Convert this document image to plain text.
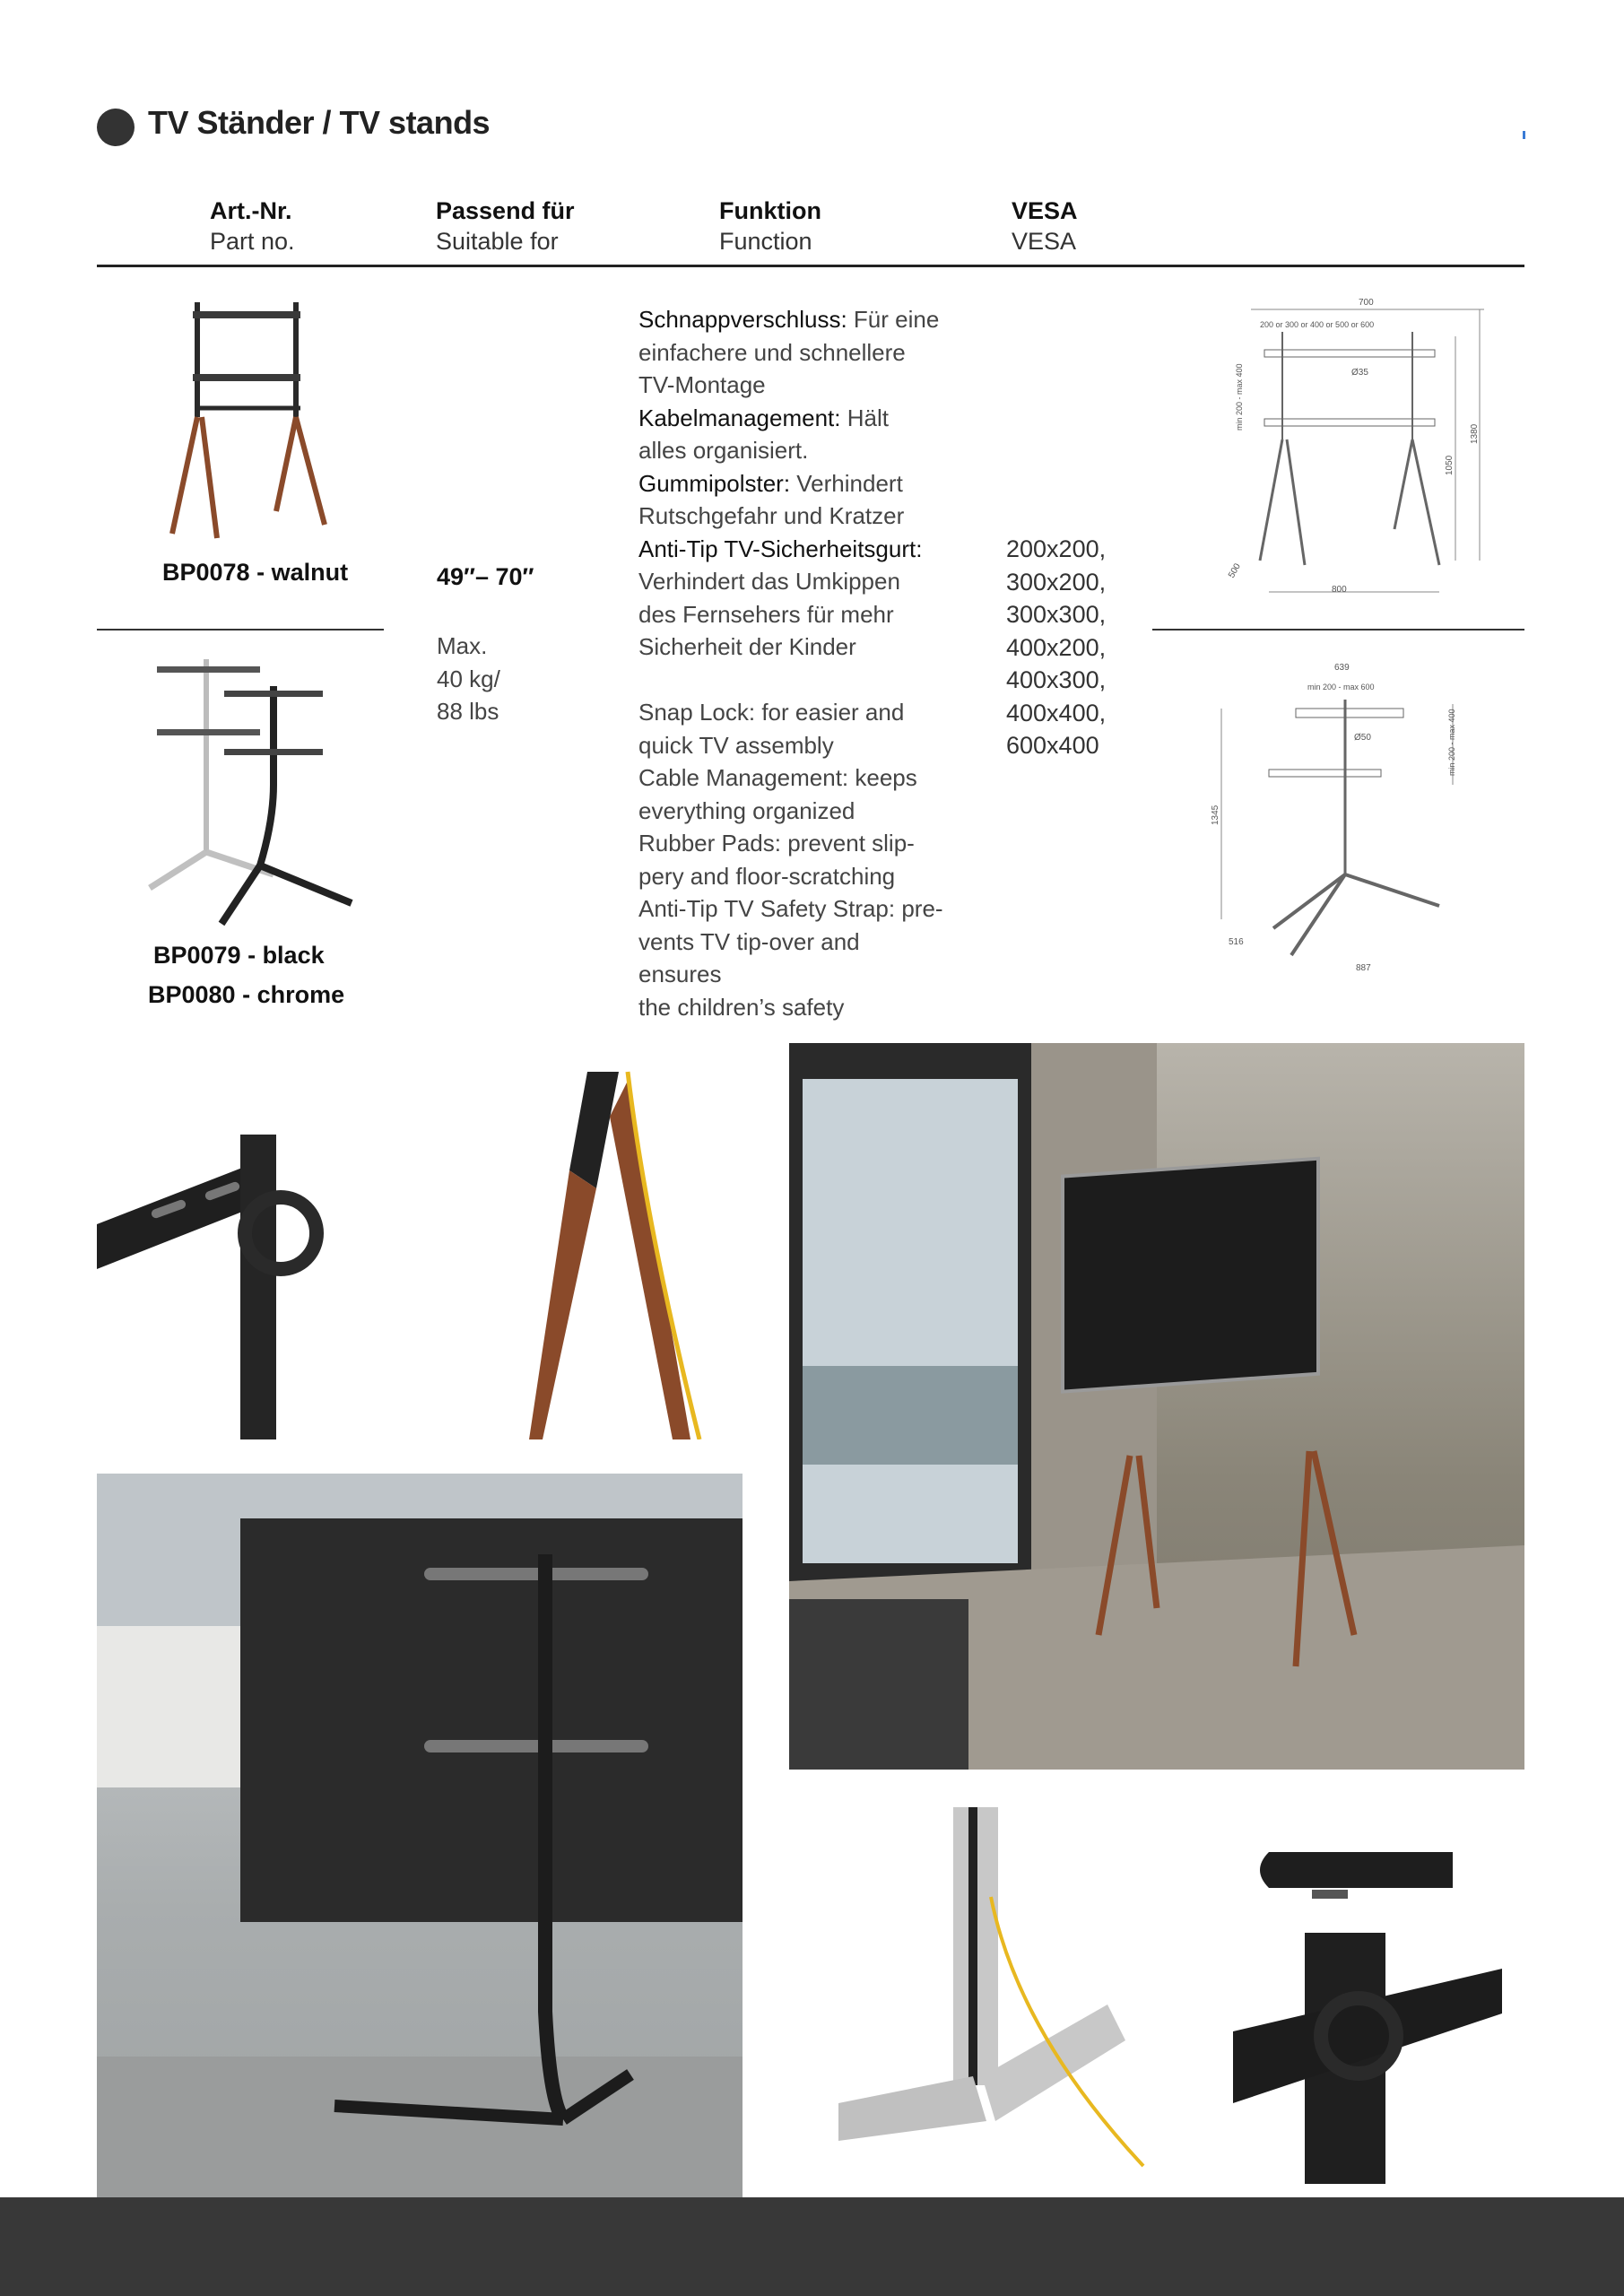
TV Ständer / TV stands
Art.-Nr.
Part no.
Passend für
Suitable for
Funktion
Function
VESA
VESA
BP0078 - walnut
BP0079 - black
BP0080 - chrome
49″– 70″
Max.
40 kg/
88 lbs
Schnappverschluss: Für eine
einfachere und schnellere
TV-Montage
Kabelmanagement: Hält
alles organisiert.
Gummipolster: Verhindert
Rutschgefahr und Kratzer
Anti-Tip TV-Sicherheitsgurt:
Verhindert das Umkippen
des Fernsehers für mehr
Sicherheit der Kinder
Snap Lock: for easier and
quick TV assembly
Cable Management: keeps
everything organized
Rubber Pads: prevent slip-
pery and floor-scratching
Anti-Tip TV Safety Strap: pre-
vents TV tip-over and ensures
the children’s safety
200x200,
300x200,
300x300,
400x200,
400x300,
400x400,
600x400
700
200 or 300 or 400 or 500 or 600
Ø35
min 200 - max 400
1050
1380
800
500
639
min 200 - max 600
Ø50	min 200 - max 400
1345
516
887
